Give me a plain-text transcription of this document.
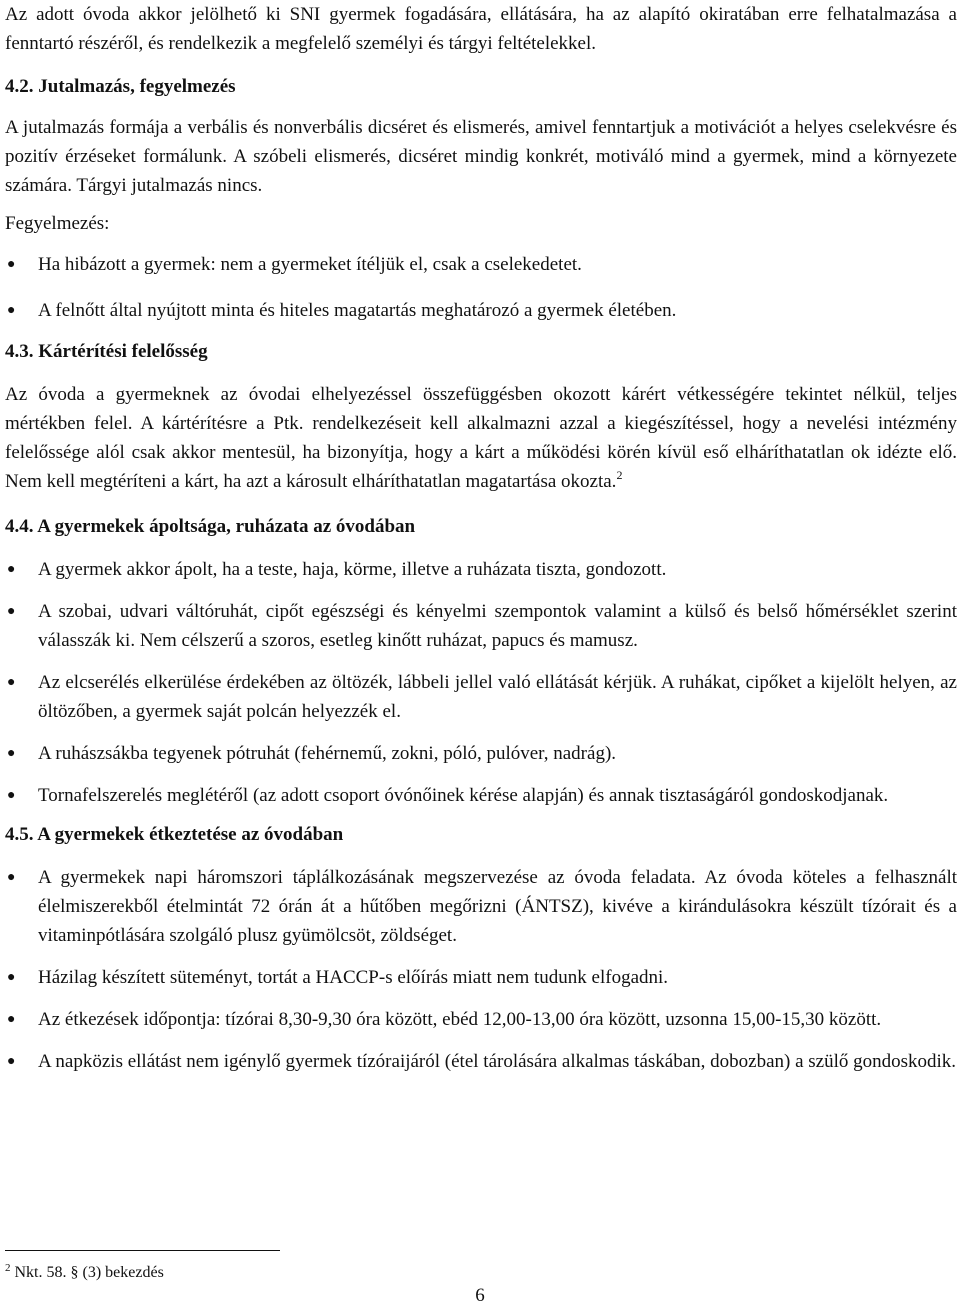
Az adott óvoda akkor jelölhető ki SNI gyermek fogadására, ellátására, ha az alapító okiratában erre felhatalmazása a fenntartó részéről, és rendelkezik a megfelelő személyi és tárgyi feltételekkel.

4.2. Jutalmazás, fegyelmezés

A jutalmazás formája a verbális és nonverbális dicséret és elismerés, amivel fenntartjuk a motivációt a helyes cselekvésre és pozitív érzéseket formálunk. A szóbeli elismerés, dicséret mindig konkrét, motiváló mind a gyermek, mind a környezete számára. Tárgyi jutalmazás nincs.

Fegyelmezés:

● Ha hibázott a gyermek: nem a gyermeket ítéljük el, csak a cselekedetet.
● A felnőtt által nyújtott minta és hiteles magatartás meghatározó a gyermek életében.
4.3. Kártérítési felelősség

Az óvoda a gyermeknek az óvodai elhelyezéssel összefüggésben okozott kárért vétkességére tekintet nélkül, teljes mértékben felel. A kártérítésre a Ptk. rendelkezéseit kell alkalmazni azzal a kiegészítéssel, hogy a nevelési intézmény felelőssége alól csak akkor mentesül, ha bizonyítja, hogy a kárt a működési körén kívül eső elháríthatatlan ok idézte elő. Nem kell megtéríteni a kárt, ha azt a károsult elháríthatatlan magatartása okozta.$^2$

4.4. A gyermekek ápoltsága, ruházata az óvodában
● A gyermek akkor ápolt, ha a teste, haja, körme, illetve a ruházata tiszta, gondozott.
● A szobai, udvari váltóruhát, cipőt egészségi és kényelmi szempontok valamint a külső és belső hőmérséklet szerint válasszák ki. Nem célszerű a szoros, esetleg kinőtt ruházat, papucs és mamusz.
● Az elcserélés elkerülése érdekében az öltözék, lábbeli jellel való ellátását kérjük. A ruhákat, cipőket a kijelölt helyen, az öltözőben, a gyermek saját polcán helyezzék el.
● A ruhászsákba tegyenek pótruhát (fehérnemű, zokni, póló, pulóver, nadrág).
● Tornafelszerelés meglétéről (az adott csoport óvónőinek kérése alapján) és annak tisztaságáról gondoskodjanak.
4.5. A gyermekek étkeztetése az óvodában
● A gyermekek napi háromszori táplálkozásának megszervezése az óvoda feladata. Az óvoda köteles a felhasznált élelmiszerekből ételmintát 72 órán át a hűtőben megőrizni (ÁNTSZ), kivéve a kirándulásokra készült tízórait és a vitaminpótlására szolgáló plusz gyümölcsöt, zöldséget.
● Házilag készített süteményt, tortát a HACCP-s előírás miatt nem tudunk elfogadni.
● Az étkezések időpontja: tízórai 8,30-9,30 óra között, ebéd 12,00-13,00 óra között, uzsonna 15,00-15,30 között.
● A napközis ellátást nem igénylő gyermek tízóraijáról (étel tárolására alkalmas táskában, dobozban) a szülő gondoskodik.
$^2$ Nkt. 58. § (3) bekezdés
6
